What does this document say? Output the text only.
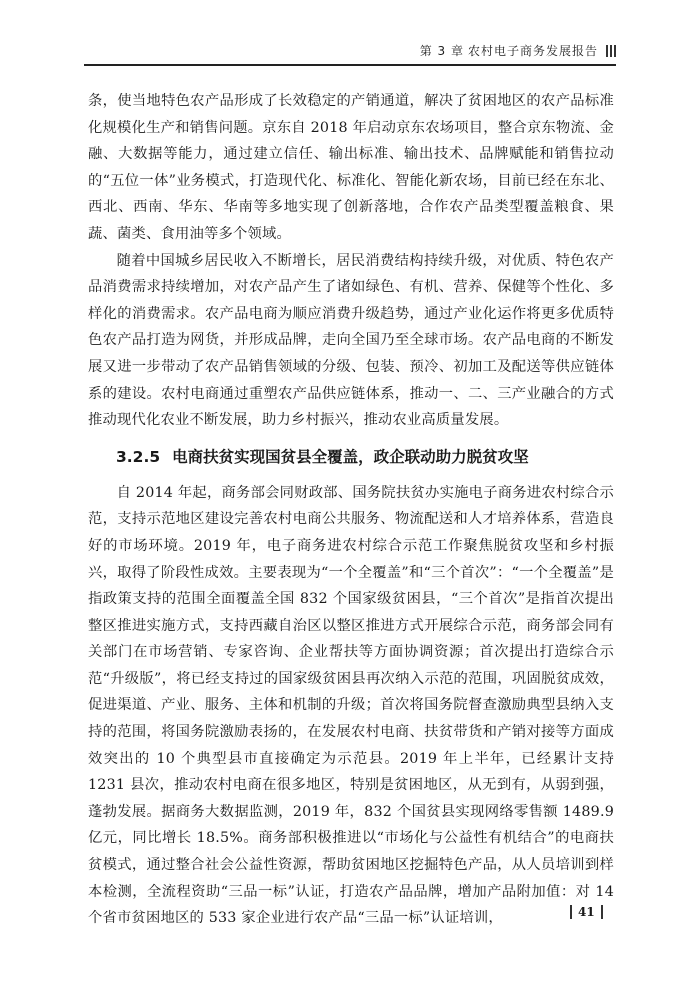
第 3 章 农村电子商务发展报告

条，使当地特色农产品形成了长效稳定的产销通道，解决了贫困地区的农产品标准化规模化生产和销售问题。京东自 2018 年启动京东农场项目，整合京东物流、金融、大数据等能力，通过建立信任、输出标准、输出技术、品牌赋能和销售拉动的“五位一体”业务模式，打造现代化、标准化、智能化新农场，目前已经在东北、西北、西南、华东、华南等多地实现了创新落地，合作农产品类型覆盖粮食、果蔬、菌类、食用油等多个领域。

随着中国城乡居民收入不断增长，居民消费结构持续升级，对优质、特色农产品消费需求持续增加，对农产品产生了诸如绿色、有机、营养、保健等个性化、多样化的消费需求。农产品电商为顺应消费升级趋势，通过产业化运作将更多优质特色农产品打造为网货，并形成品牌，走向全国乃至全球市场。农产品电商的不断发展又进一步带动了农产品销售领域的分级、包装、预冷、初加工及配送等供应链体系的建设。农村电商通过重塑农产品供应链体系，推动一、二、三产业融合的方式推动现代化农业不断发展，助力乡村振兴，推动农业高质量发展。

3.2.5 电商扶贫实现国贫县全覆盖，政企联动助力脱贫攻坚

自 2014 年起，商务部会同财政部、国务院扶贫办实施电子商务进农村综合示范，支持示范地区建设完善农村电商公共服务、物流配送和人才培养体系，营造良好的市场环境。2019 年，电子商务进农村综合示范工作聚焦脱贫攻坚和乡村振兴，取得了阶段性成效。主要表现为“一个全覆盖”和“三个首次”：“一个全覆盖”是指政策支持的范围全面覆盖全国 832 个国家级贫困县，“三个首次”是指首次提出整区推进实施方式，支持西藏自治区以整区推进方式开展综合示范，商务部会同有关部门在市场营销、专家咨询、企业帮扶等方面协调资源；首次提出打造综合示范“升级版”，将已经支持过的国家级贫困县再次纳入示范的范围，巩固脱贫成效，促进渠道、产业、服务、主体和机制的升级；首次将国务院督查激励典型县纳入支持的范围，将国务院激励表扬的，在发展农村电商、扶贫带货和产销对接等方面成效突出的 10 个典型县市直接确定为示范县。2019 年上半年，已经累计支持 1231 县次，推动农村电商在很多地区，特别是贫困地区，从无到有，从弱到强，蓬勃发展。据商务大数据监测，2019 年，832 个国贫县实现网络零售额 1489.9 亿元，同比增长 18.5%。商务部积极推进以“市场化与公益性有机结合”的电商扶贫模式，通过整合社会公益性资源，帮助贫困地区挖掘特色产品，从人员培训到样本检测，全流程资助“三品一标”认证，打造农产品品牌，增加产品附加值：对 14 个省市贫困地区的 533 家企业进行农产品“三品一标”认证培训，	41
